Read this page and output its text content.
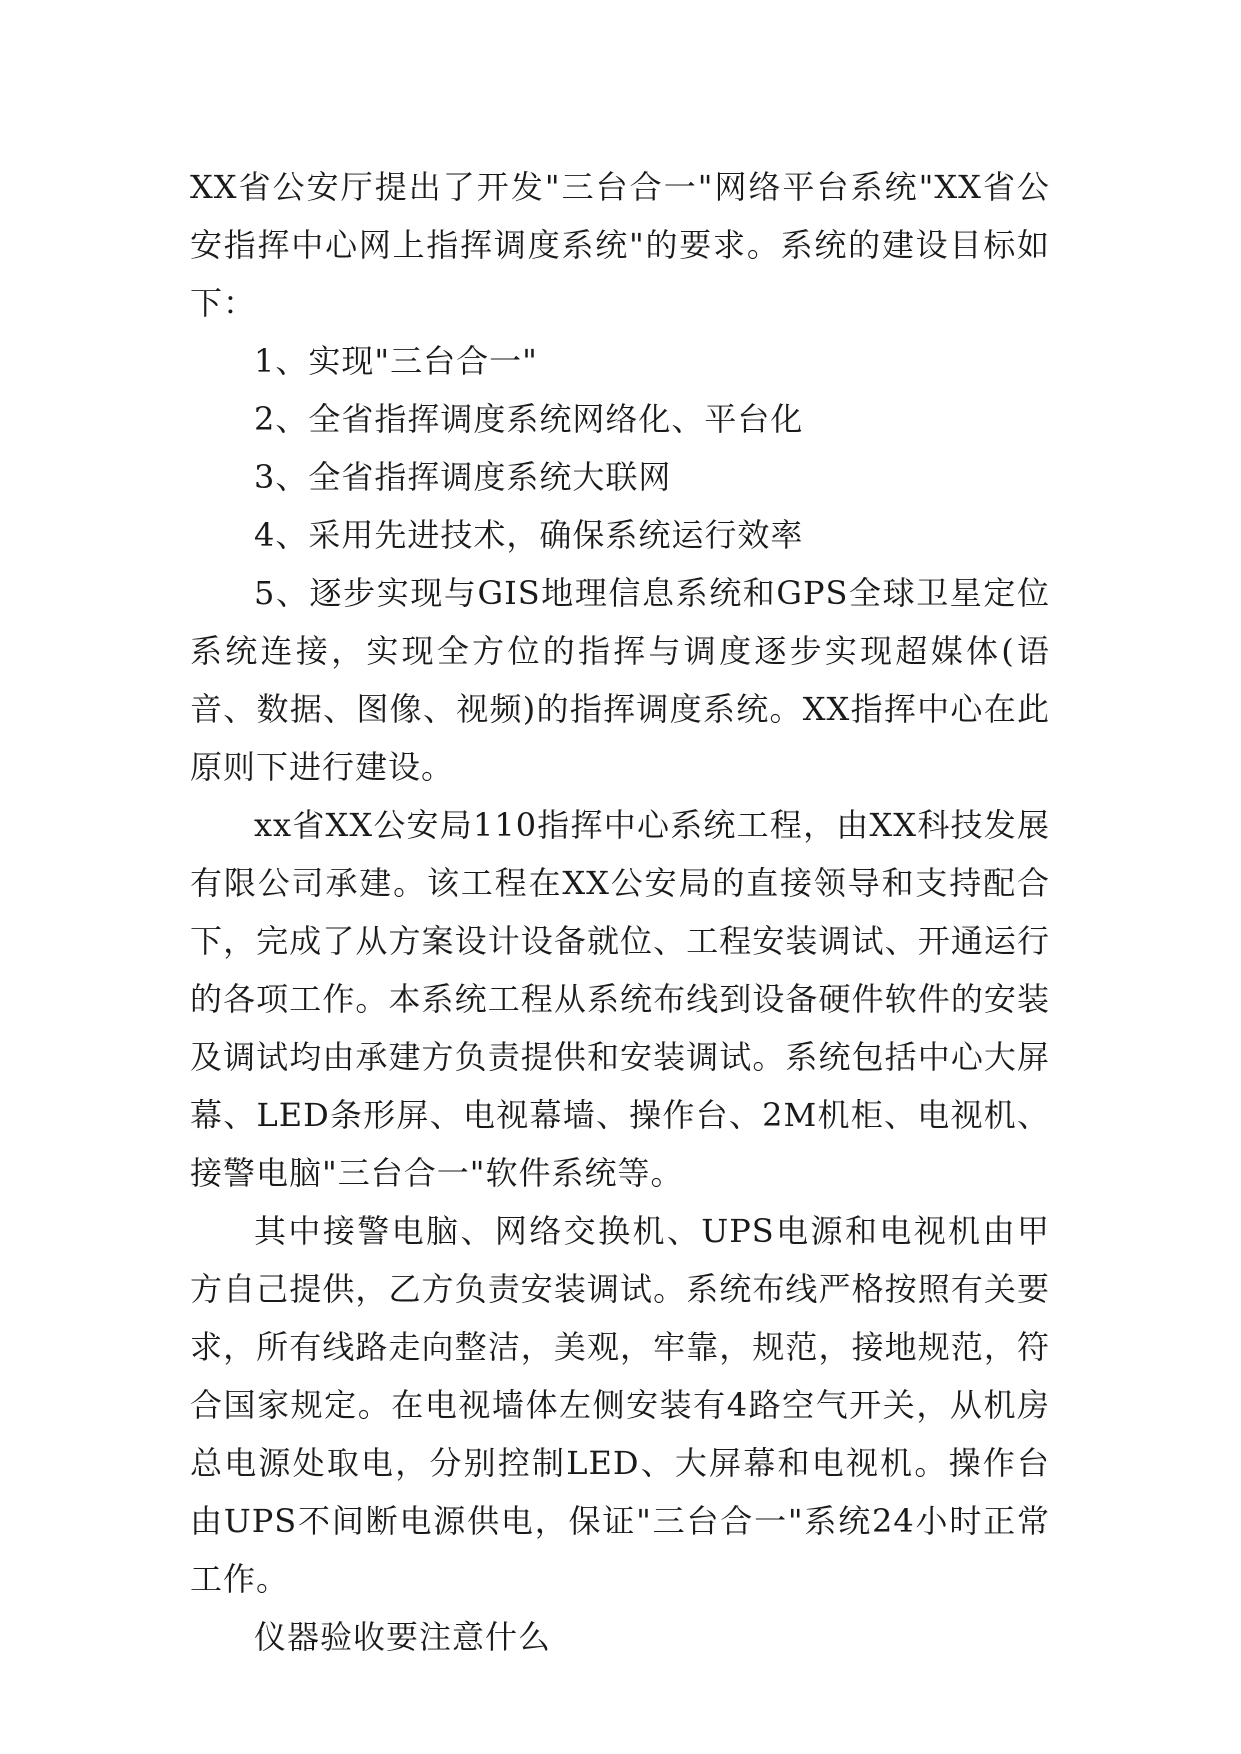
XX省公安厅提出了开发"三台合一"网络平台系统"XX省公安指挥中心网上指挥调度系统"的要求。系统的建设目标如下：

1、实现"三台合一"

2、全省指挥调度系统网络化、平台化

3、全省指挥调度系统大联网

4、采用先进技术，确保系统运行效率

5、逐步实现与GIS地理信息系统和GPS全球卫星定位系统连接，实现全方位的指挥与调度逐步实现超媒体(语音、数据、图像、视频)的指挥调度系统。XX指挥中心在此原则下进行建设。

xx省XX公安局110指挥中心系统工程，由XX科技发展有限公司承建。该工程在XX公安局的直接领导和支持配合下，完成了从方案设计设备就位、工程安装调试、开通运行的各项工作。本系统工程从系统布线到设备硬件软件的安装及调试均由承建方负责提供和安装调试。系统包括中心大屏幕、LED条形屏、电视幕墙、操作台、2M机柜、电视机、接警电脑"三台合一"软件系统等。

其中接警电脑、网络交换机、UPS电源和电视机由甲方自己提供，乙方负责安装调试。系统布线严格按照有关要求，所有线路走向整洁，美观，牢靠，规范，接地规范，符合国家规定。在电视墙体左侧安装有4路空气开关，从机房总电源处取电，分别控制LED、大屏幕和电视机。操作台由UPS不间断电源供电，保证"三台合一"系统24小时正常工作。

仪器验收要注意什么
